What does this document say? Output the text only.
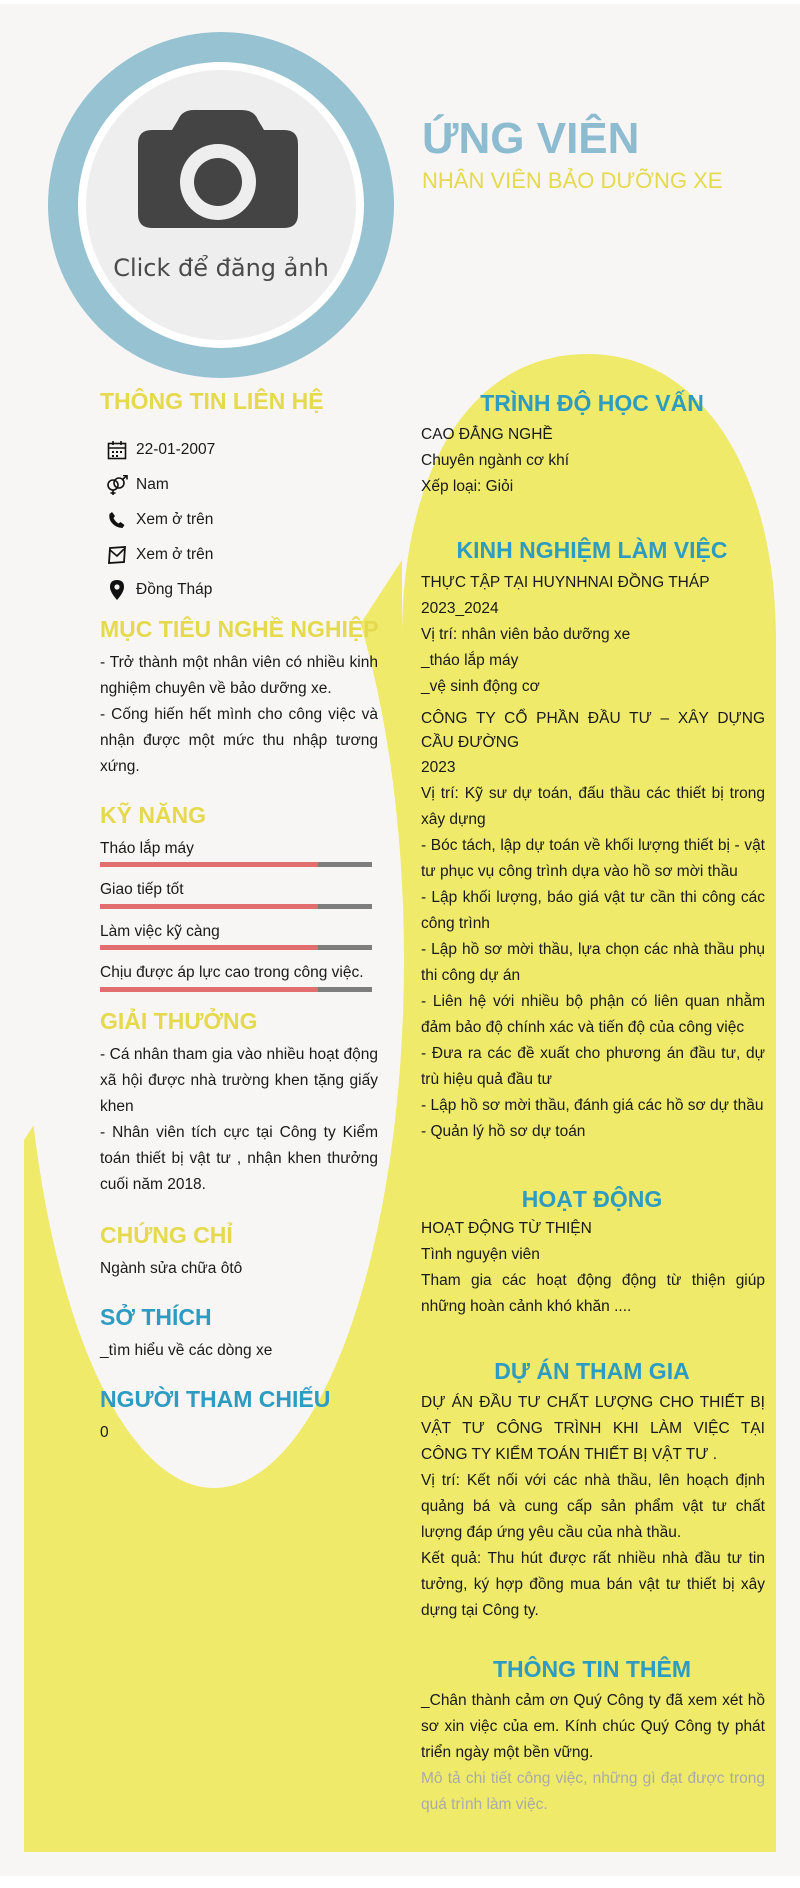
Click để đăng ảnh
ỨNG VIÊN
NHÂN VIÊN BẢO DƯỠNG XE
THÔNG TIN LIÊN HỆ
22-01-2007
Nam
Xem ở trên
Xem ở trên
Đồng Tháp
MỤC TIÊU NGHỀ NGHIỆP
- Trở thành một nhân viên có nhiều kinh nghiệm chuyên về bảo dưỡng xe.
- Cống hiến hết mình cho công việc và nhận được một mức thu nhập tương xứng.
KỸ NĂNG
Tháo lắp máy
Giao tiếp tốt
Làm việc kỹ càng
Chịu được áp lực cao trong công việc.
GIẢI THƯỞNG
- Cá nhân tham gia vào nhiều hoạt động xã hội được nhà trường khen tặng giấy khen
- Nhân viên tích cực tại Công ty Kiểm toán thiết bị vật tư , nhận khen thưởng cuối năm 2018.
CHỨNG CHỈ
Ngành sửa chữa ôtô
SỞ THÍCH
_tìm hiểu về các dòng xe
NGƯỜI THAM CHIẾU
0
TRÌNH ĐỘ HỌC VẤN
CAO ĐẲNG NGHỀ
Chuyên ngành cơ khí
Xếp loại: Giỏi
KINH NGHIỆM LÀM VIỆC
THỰC TẬP TẠI HUYNHNAI ĐỒNG THÁP
2023_2024
Vị trí: nhân viên bảo dưỡng xe
_tháo lắp máy
_vệ sinh động cơ
CÔNG TY CỔ PHẦN ĐẦU TƯ – XÂY DỰNG CẦU ĐƯỜNG
2023
Vị trí: Kỹ sư dự toán, đấu thầu các thiết bị trong xây dựng
- Bóc tách, lập dự toán về khối lượng thiết bị - vật tư phục vụ công trình dựa vào hồ sơ mời thầu
- Lập khối lượng, báo giá vật tư cần thi công các công trình
- Lập hồ sơ mời thầu, lựa chọn các nhà thầu phụ thi công dự án
- Liên hệ với nhiều bộ phận có liên quan nhằm đảm bảo độ chính xác và tiến độ của công việc
- Đưa ra các đề xuất cho phương án đầu tư, dự trù hiệu quả đầu tư
- Lập hồ sơ mời thầu, đánh giá các hồ sơ dự thầu
- Quản lý hồ sơ dự toán
HOẠT ĐỘNG
HOẠT ĐỘNG TỪ THIỆN
Tình nguyện viên
Tham gia các hoạt động động từ thiện giúp những hoàn cảnh khó khăn ....
DỰ ÁN THAM GIA
DỰ ÁN ĐẦU TƯ CHẤT LƯỢNG CHO THIẾT BỊ VẬT TƯ CÔNG TRÌNH KHI LÀM VIỆC TẠI CÔNG TY KIỂM TOÁN THIẾT BỊ VẬT TƯ .
Vị trí: Kết nối với các nhà thầu, lên hoạch định quảng bá và cung cấp sản phẩm vật tư chất lượng đáp ứng yêu cầu của nhà thầu.
Kết quả: Thu hút được rất nhiều nhà đầu tư tin tưởng, ký hợp đồng mua bán vật tư thiết bị xây dựng tại Công ty.
THÔNG TIN THÊM
_Chân thành cảm ơn Quý Công ty đã xem xét hồ sơ xin việc của em. Kính chúc Quý Công ty phát triển ngày một bền vững.
Mô tả chi tiết công việc, những gì đạt được trong quá trình làm việc.
